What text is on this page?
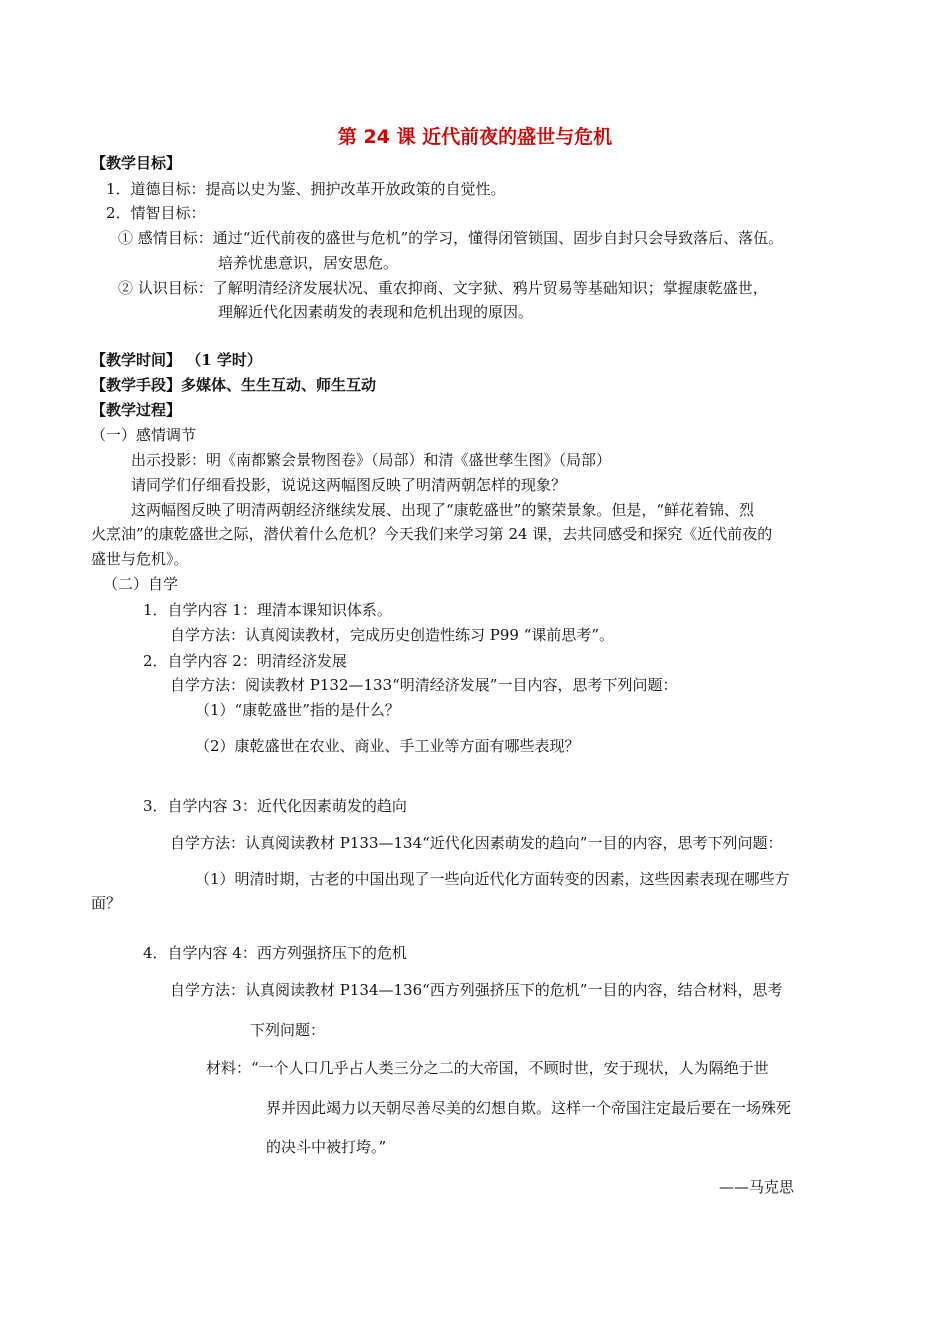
第 24 课 近代前夜的盛世与危机
【教学目标】
1．道德目标：提高以史为鉴、拥护改革开放政策的自觉性。
2．情智目标：
① 感情目标：通过“近代前夜的盛世与危机”的学习，懂得闭管锁国、固步自封只会导致落后、落伍。
培养忧患意识，居安思危。
② 认识目标：了解明清经济发展状况、重农抑商、文字狱、鸦片贸易等基础知识；掌握康乾盛世，
理解近代化因素萌发的表现和危机出现的原因。
【教学时间】 （1 学时）
【教学手段】多媒体、生生互动、师生互动
【教学过程】
（一）感情调节
出示投影：明《南都繁会景物图卷》（局部）和清《盛世孳生图》（局部）
请同学们仔细看投影，说说这两幅图反映了明清两朝怎样的现象？
这两幅图反映了明清两朝经济继续发展、出现了“康乾盛世”的繁荣景象。但是，“鲜花着锦、烈
火烹油”的康乾盛世之际，潜伏着什么危机？今天我们来学习第 24 课，去共同感受和探究《近代前夜的
盛世与危机》。
（二）自学
1．自学内容 1：理清本课知识体系。
自学方法：认真阅读教材，完成历史创造性练习 P99 “课前思考”。
2．自学内容 2：明清经济发展
自学方法：阅读教材 P132—133“明清经济发展”一目内容，思考下列问题：
（1）“康乾盛世”指的是什么？
（2）康乾盛世在农业、商业、手工业等方面有哪些表现？
3．自学内容 3：近代化因素萌发的趋向
自学方法：认真阅读教材 P133—134“近代化因素萌发的趋向”一目的内容，思考下列问题：
（1）明清时期，古老的中国出现了一些向近代化方面转变的因素，这些因素表现在哪些方
面？
4．自学内容 4：西方列强挤压下的危机
自学方法：认真阅读教材 P134—136“西方列强挤压下的危机”一目的内容，结合材料，思考
下列问题：
材料：“一个人口几乎占人类三分之二的大帝国，不顾时世，安于现状，人为隔绝于世
界并因此竭力以天朝尽善尽美的幻想自欺。这样一个帝国注定最后要在一场殊死
的决斗中被打垮。”
——马克思
